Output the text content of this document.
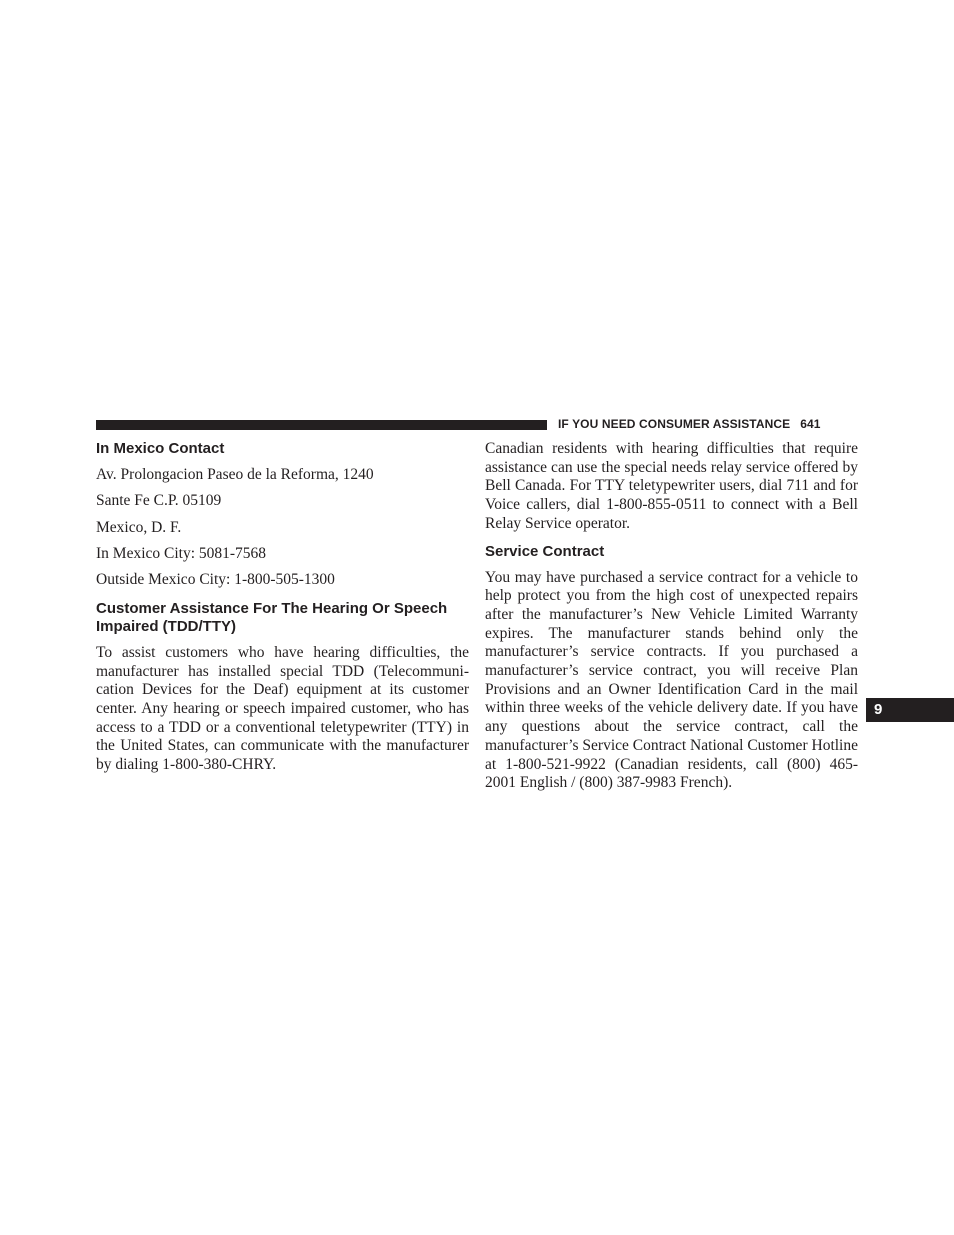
IF YOU NEED CONSUMER ASSISTANCE 641
In Mexico Contact

Av. Prolongacion Paseo de la Reforma, 1240

Sante Fe C.P. 05109

Mexico, D. F.

In Mexico City: 5081-7568

Outside Mexico City: 1-800-505-1300

Customer Assistance For The Hearing Or Speech Impaired (TDD/TTY)

To assist customers who have hearing difficulties, the manufacturer has installed special TDD (Telecommunication Devices for the Deaf) equipment at its customer center. Any hearing or speech impaired customer, who has access to a TDD or a conventional teletypewriter (TTY) in the United States, can communicate with the manufacturer by dialing 1-800-380-CHRY.

Canadian residents with hearing difficulties that require assistance can use the special needs relay service offered by Bell Canada. For TTY teletypewriter users, dial 711 and for Voice callers, dial 1-800-855-0511 to connect with a Bell Relay Service operator.

Service Contract

You may have purchased a service contract for a vehicle to help protect you from the high cost of unexpected repairs after the manufacturer’s New Vehicle Limited Warranty expires. The manufacturer stands behind only the manufacturer’s service contracts. If you purchased a manufacturer’s service contract, you will receive Plan Provisions and an Owner Identification Card in the mail within three weeks of the vehicle delivery date. If you have any questions about the service contract, call the manufacturer’s Service Contract National Customer Hotline at 1-800-521-9922 (Canadian residents, call (800) 465-2001 English / (800) 387-9983 French).

9
